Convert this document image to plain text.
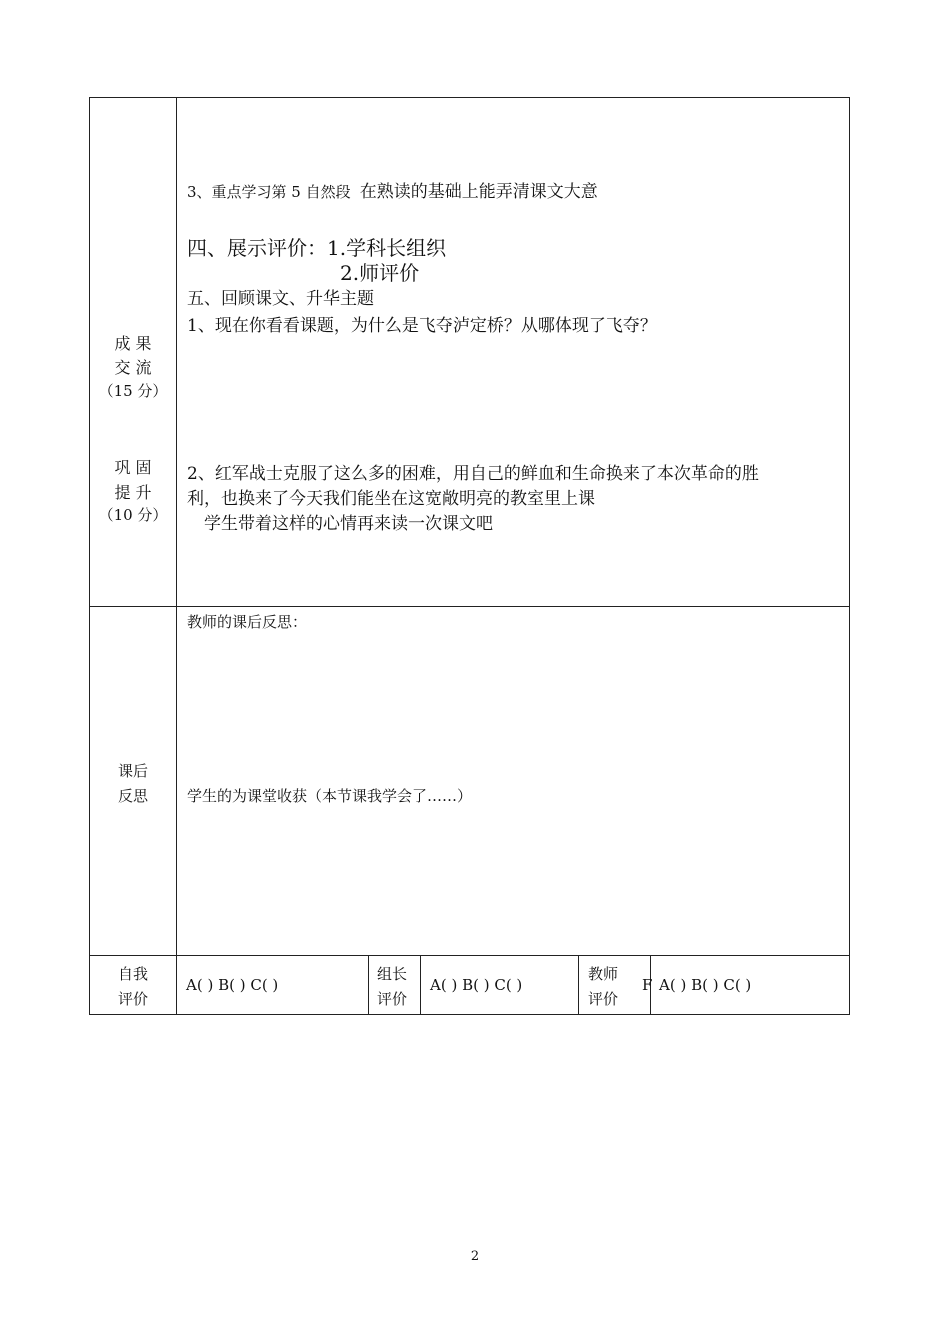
成 果
交 流
（15 分）
巩 固
提 升
（10 分）
3、重点学习第 5 自然段 在熟读的基础上能弄清课文大意
四、展示评价：1.学科长组织
2.师评价
五、回顾课文、升华主题
1、现在你看看课题，为什么是飞夺泸定桥？从哪体现了飞夺？
2、红军战士克服了这么多的困难，用自己的鲜血和生命换来了本次革命的胜
利，也换来了今天我们能坐在这宽敞明亮的教室里上课
学生带着这样的心情再来读一次课文吧
课后
反思
教师的课后反思：
学生的为课堂收获（本节课我学会了……）
自我
评价
A( ) B( ) C( )
组长
评价
A( ) B( ) C( )
教师
评价
F A( ) B( ) C( )
2
